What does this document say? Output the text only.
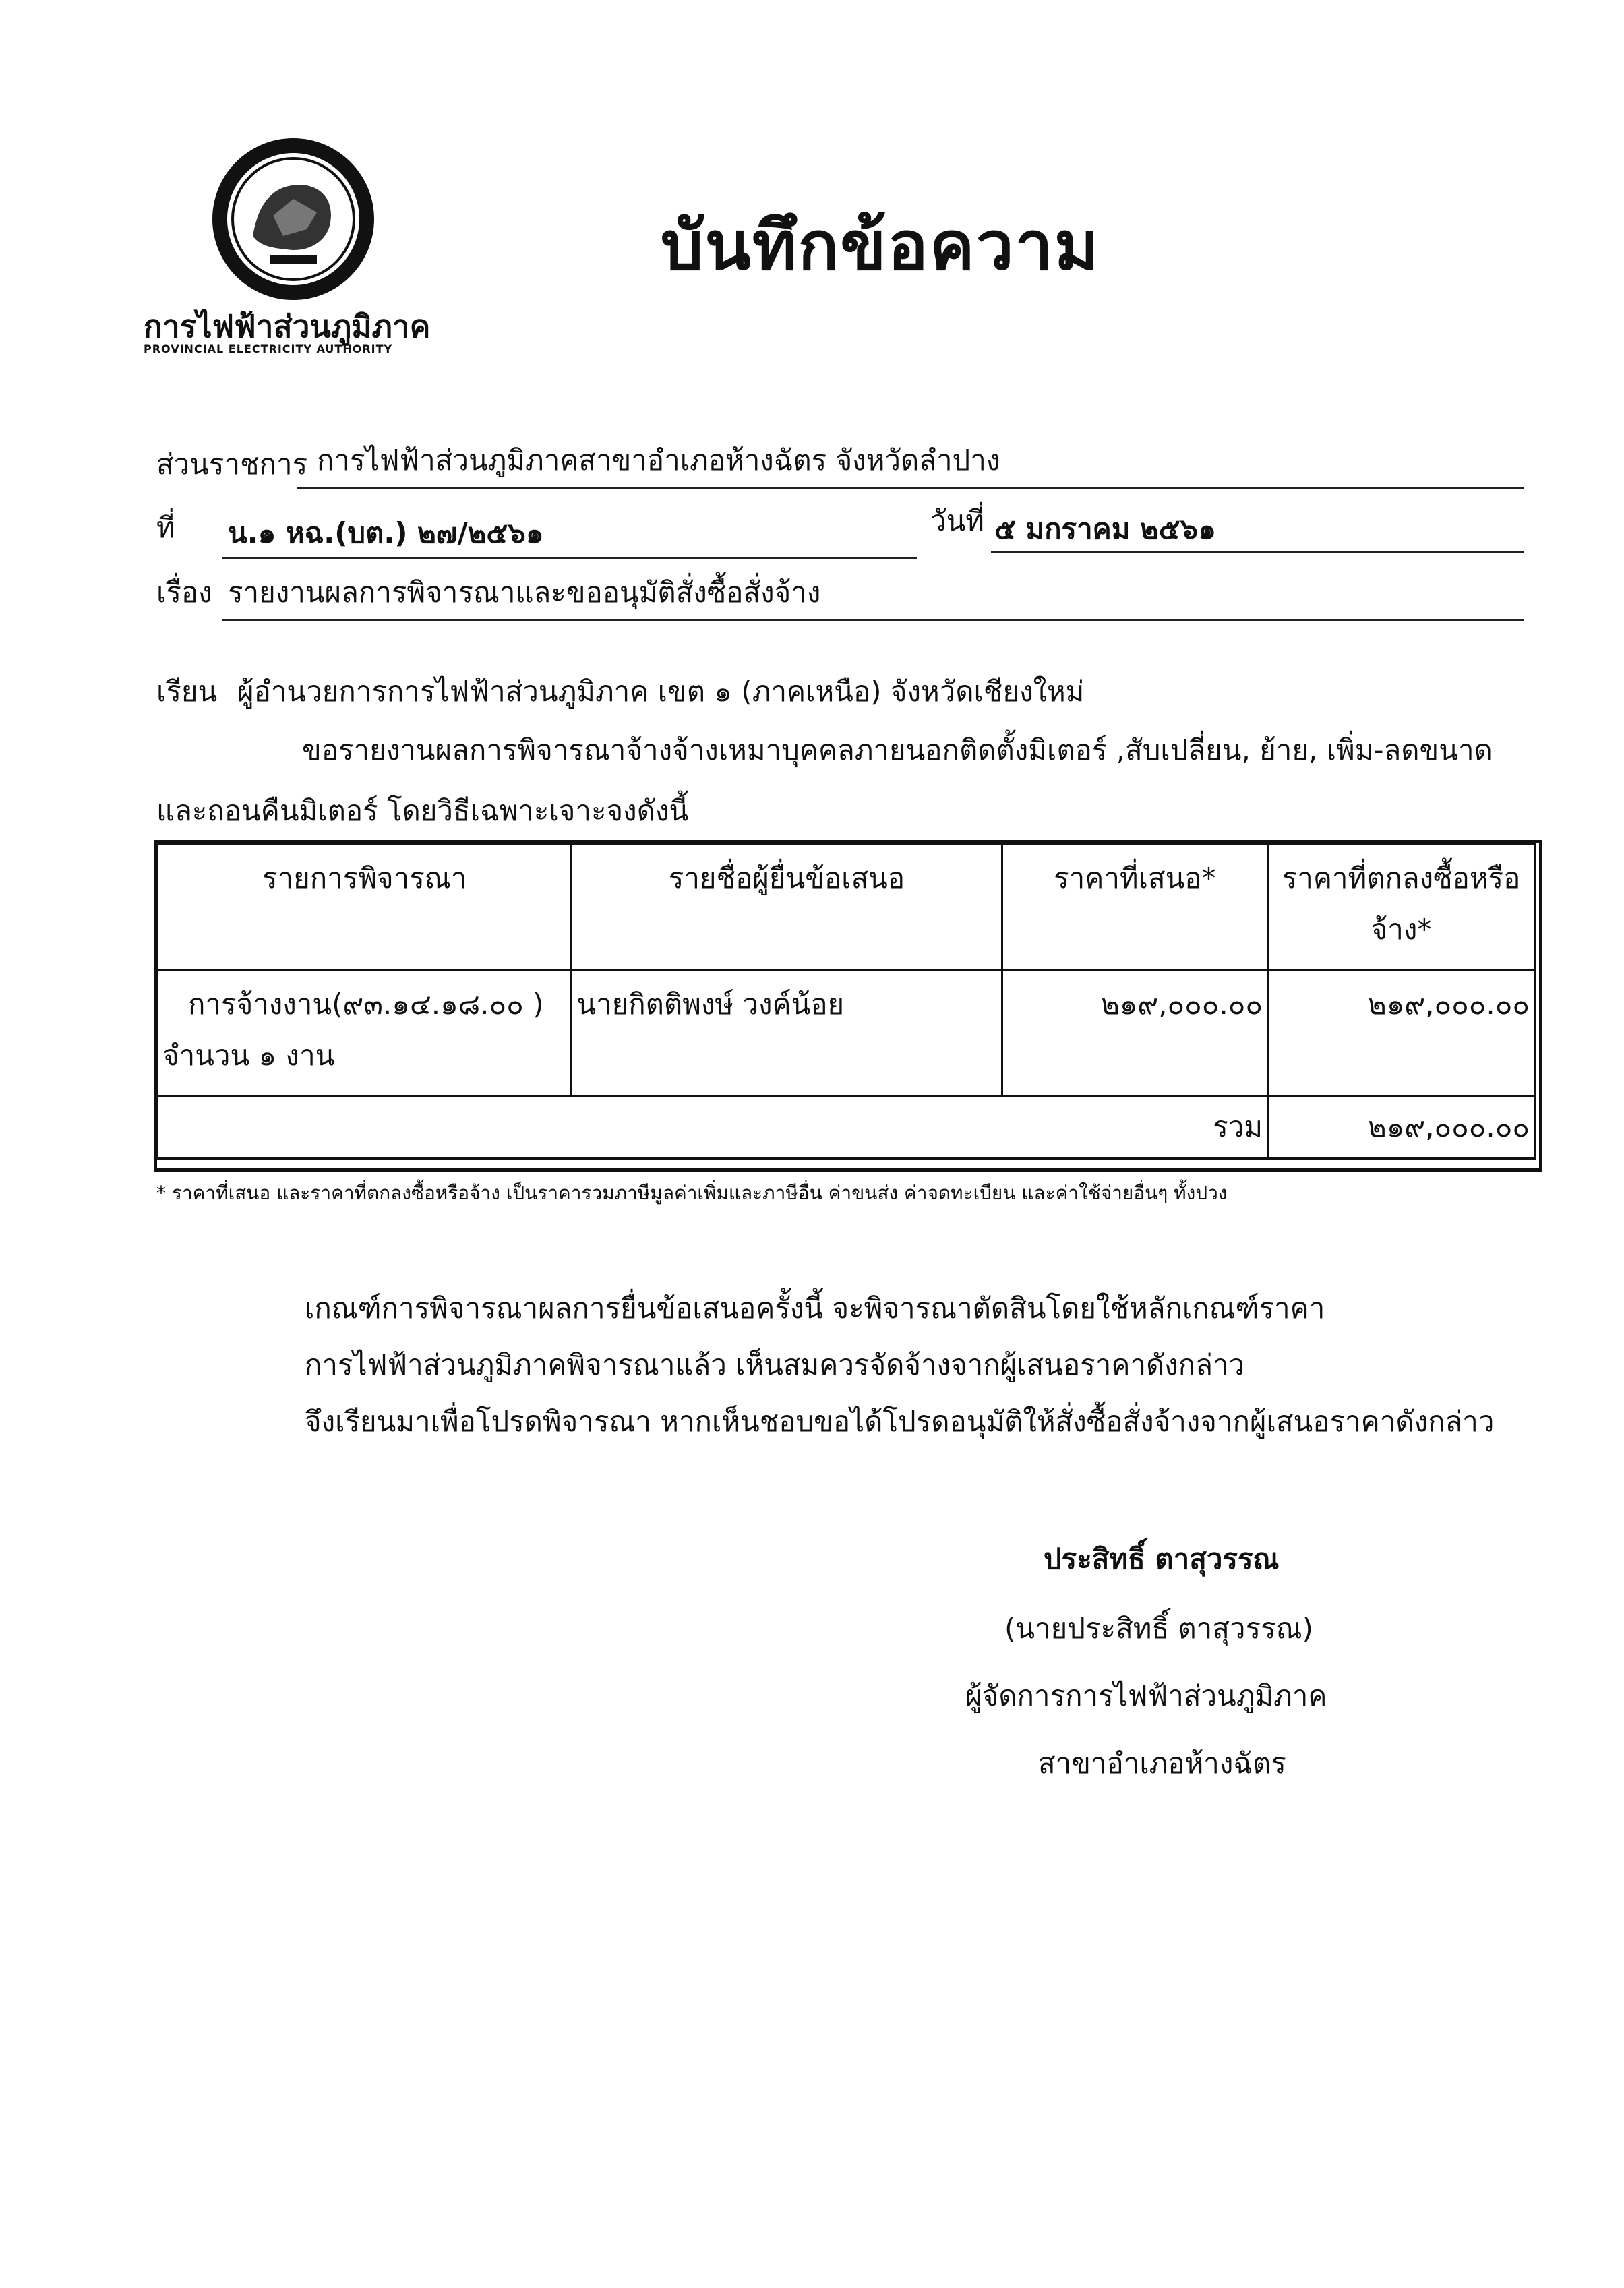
การไฟฟ้าส่วนภูมิภาค
PROVINCIAL ELECTRICITY AUTHORITY
บันทึกข้อความ
ส่วนราชการ การไฟฟ้าส่วนภูมิภาคสาขาอำเภอห้างฉัตร จังหวัดลำปาง
ที่ น.๑ หฉ.(บต.) ๒๗/๒๕๖๑	วันที่ ๕ มกราคม ๒๕๖๑
เรื่อง รายงานผลการพิจารณาและขออนุมัติสั่งซื้อสั่งจ้าง
เรียน ผู้อำนวยการการไฟฟ้าส่วนภูมิภาค เขต ๑ (ภาคเหนือ) จังหวัดเชียงใหม่
ขอรายงานผลการพิจารณาจ้างจ้างเหมาบุคคลภายนอกติดตั้งมิเตอร์ ,สับเปลี่ยน, ย้าย, เพิ่ม-ลดขนาด
และถอนคืนมิเตอร์ โดยวิธีเฉพาะเจาะจงดังนี้
รายการพิจารณา	รายชื่อผู้ยื่นข้อเสนอ	ราคาที่เสนอ*	ราคาที่ตกลงซื้อหรือจ้าง*

การจ้างงาน(๙๓.๑๔.๑๘.๐๐ )
จำนวน ๑ งาน	นายกิตติพงษ์ วงค์น้อย	๒๑๙,๐๐๐.๐๐	๒๑๙,๐๐๐.๐๐
รวม			๒๑๙,๐๐๐.๐๐
* ราคาที่เสนอ และราคาที่ตกลงซื้อหรือจ้าง เป็นราคารวมภาษีมูลค่าเพิ่มและภาษีอื่น ค่าขนส่ง ค่าจดทะเบียน และค่าใช้จ่ายอื่นๆ ทั้งปวง
เกณฑ์การพิจารณาผลการยื่นข้อเสนอครั้งนี้ จะพิจารณาตัดสินโดยใช้หลักเกณฑ์ราคา
การไฟฟ้าส่วนภูมิภาคพิจารณาแล้ว เห็นสมควรจัดจ้างจากผู้เสนอราคาดังกล่าว
จึงเรียนมาเพื่อโปรดพิจารณา หากเห็นชอบขอได้โปรดอนุมัติให้สั่งซื้อสั่งจ้างจากผู้เสนอราคาดังกล่าว
ประสิทธิ์ ตาสุวรรณ
(นายประสิทธิ์ ตาสุวรรณ)
ผู้จัดการการไฟฟ้าส่วนภูมิภาค
สาขาอำเภอห้างฉัตร
